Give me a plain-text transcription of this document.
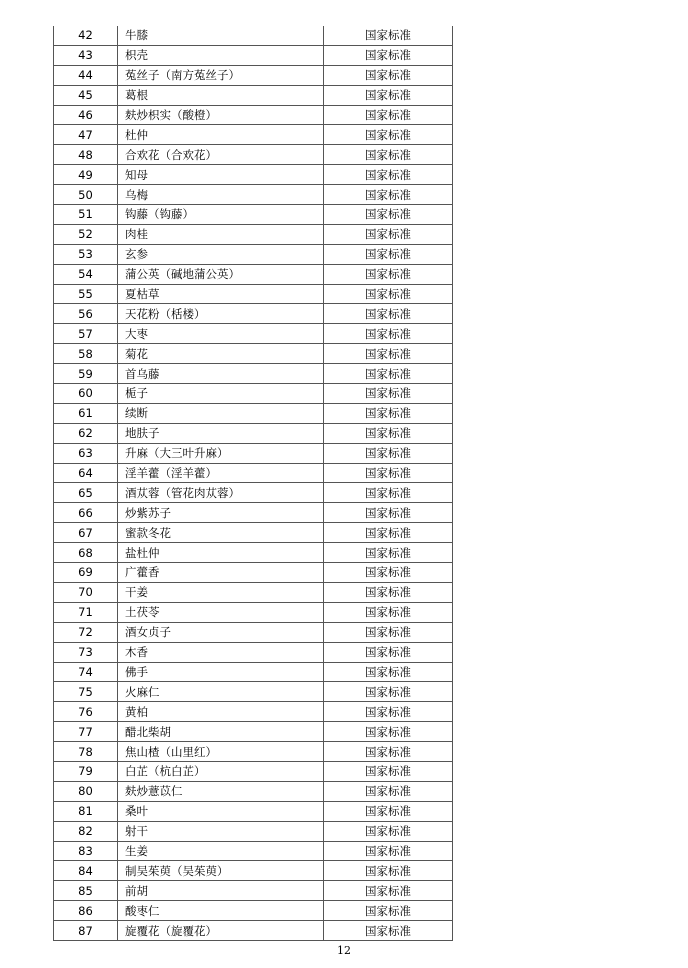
42	牛膝	国家标准
43	枳壳	国家标准
44	菟丝子（南方菟丝子）	国家标准
45	葛根	国家标准
46	麸炒枳实（酸橙）	国家标准
47	杜仲	国家标准
48	合欢花（合欢花）	国家标准
49	知母	国家标准
50	乌梅	国家标准
51	钩藤（钩藤）	国家标准
52	肉桂	国家标准
53	玄参	国家标准
54	蒲公英（碱地蒲公英）	国家标准
55	夏枯草	国家标准
56	天花粉（栝楼）	国家标准
57	大枣	国家标准
58	菊花	国家标准
59	首乌藤	国家标准
60	栀子	国家标准
61	续断	国家标准
62	地肤子	国家标准
63	升麻（大三叶升麻）	国家标准
64	淫羊藿（淫羊藿）	国家标准
65	酒苁蓉（管花肉苁蓉）	国家标准
66	炒紫苏子	国家标准
67	蜜款冬花	国家标准
68	盐杜仲	国家标准
69	广藿香	国家标准
70	干姜	国家标准
71	土茯苓	国家标准
72	酒女贞子	国家标准
73	木香	国家标准
74	佛手	国家标准
75	火麻仁	国家标准
76	黄柏	国家标准
77	醋北柴胡	国家标准
78	焦山楂（山里红）	国家标准
79	白芷（杭白芷）	国家标准
80	麸炒薏苡仁	国家标准
81	桑叶	国家标准
82	射干	国家标准
83	生姜	国家标准
84	制吴茱萸（吴茱萸）	国家标准
85	前胡	国家标准
86	酸枣仁	国家标准
87	旋覆花（旋覆花）	国家标准
12
